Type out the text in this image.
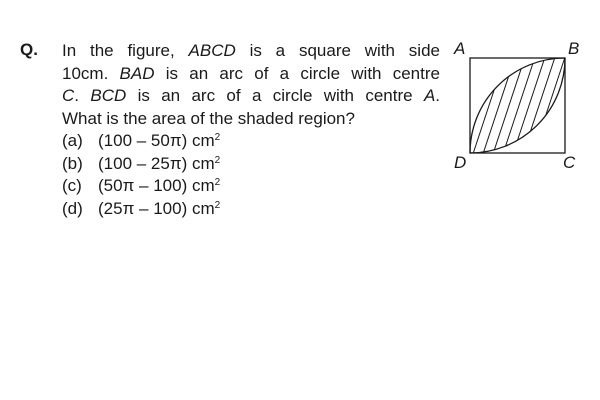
Q. In the figure, ABCD is a square with side
10cm. BAD is an arc of a circle with centre
C. BCD is an arc of a circle with centre A.
What is the area of the shaded region?
(a) (100 – 50π) $cm^2$
(b) (100 – 25π) $cm^2$
(c) (50π – 100) $cm^2$
(d) (25π – 100) $cm^2$
A	B
D	C
